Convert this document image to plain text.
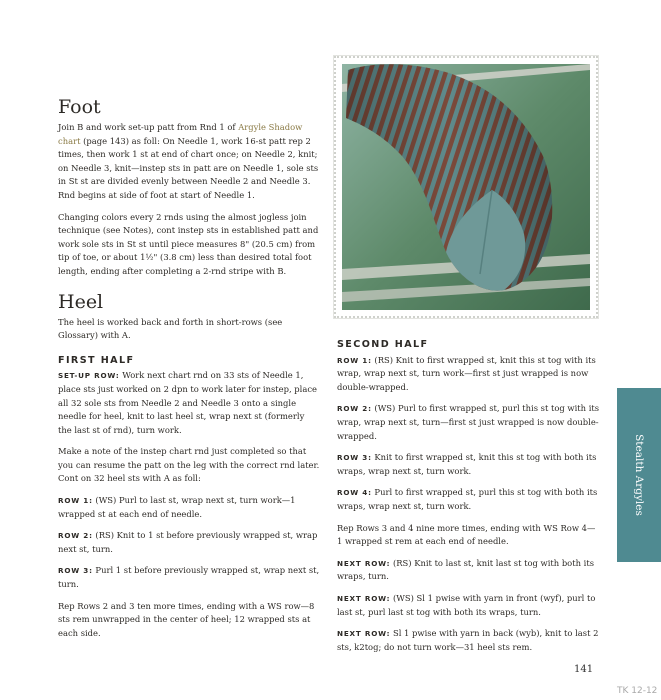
Foot

Join B and work set-up patt from Rnd 1 of Argyle Shadow chart (page 143) as foll: On Needle 1, work 16-st patt rep 2 times, then work 1 st at end of chart once; on Needle 2, knit; on Needle 3, knit—instep sts in patt are on Needle 1, sole sts in St st are divided evenly between Needle 2 and Needle 3. Rnd begins at side of foot at start of Needle 1.

Changing colors every 2 rnds using the almost jogless join technique (see Notes), cont instep sts in established patt and work sole sts in St st until piece measures 8" (20.5 cm) from tip of toe, or about 1½" (3.8 cm) less than desired total foot length, ending after completing a 2-rnd stripe with B.

Heel

The heel is worked back and forth in short-rows (see Glossary) with A.

FIRST HALF

SET-UP ROW: Work next chart rnd on 33 sts of Needle 1, place sts just worked on 2 dpn to work later for instep, place all 32 sole sts from Needle 2 and Needle 3 onto a single needle for heel, knit to last heel st, wrap next st (formerly the last st of rnd), turn work.

Make a note of the instep chart rnd just completed so that you can resume the patt on the leg with the correct rnd later. Cont on 32 heel sts with A as foll:

ROW 1: (WS) Purl to last st, wrap next st, turn work—1 wrapped st at each end of needle.

ROW 2: (RS) Knit to 1 st before previously wrapped st, wrap next st, turn.

ROW 3: Purl 1 st before previously wrapped st, wrap next st, turn.

Rep Rows 2 and 3 ten more times, ending with a WS row—8 sts rem unwrapped in the center of heel; 12 wrapped sts at each side.

SECOND HALF

ROW 1: (RS) Knit to first wrapped st, knit this st tog with its wrap, wrap next st, turn work—first st just wrapped is now double-wrapped.

ROW 2: (WS) Purl to first wrapped st, purl this st tog with its wrap, wrap next st, turn—first st just wrapped is now double-wrapped.

ROW 3: Knit to first wrapped st, knit this st tog with both its wraps, wrap next st, turn work.

ROW 4: Purl to first wrapped st, purl this st tog with both its wraps, wrap next st, turn work.

Rep Rows 3 and 4 nine more times, ending with WS Row 4—1 wrapped st rem at each end of needle.

NEXT ROW: (RS) Knit to last st, knit last st tog with both its wraps, turn.

NEXT ROW: (WS) Sl 1 pwise with yarn in front (wyf), purl to last st, purl last st tog with both its wraps, turn.

NEXT ROW: Sl 1 pwise with yarn in back (wyb), knit to last 2 sts, k2tog; do not turn work—31 heel sts rem.

Stealth Argyles
141
TK 12-12
